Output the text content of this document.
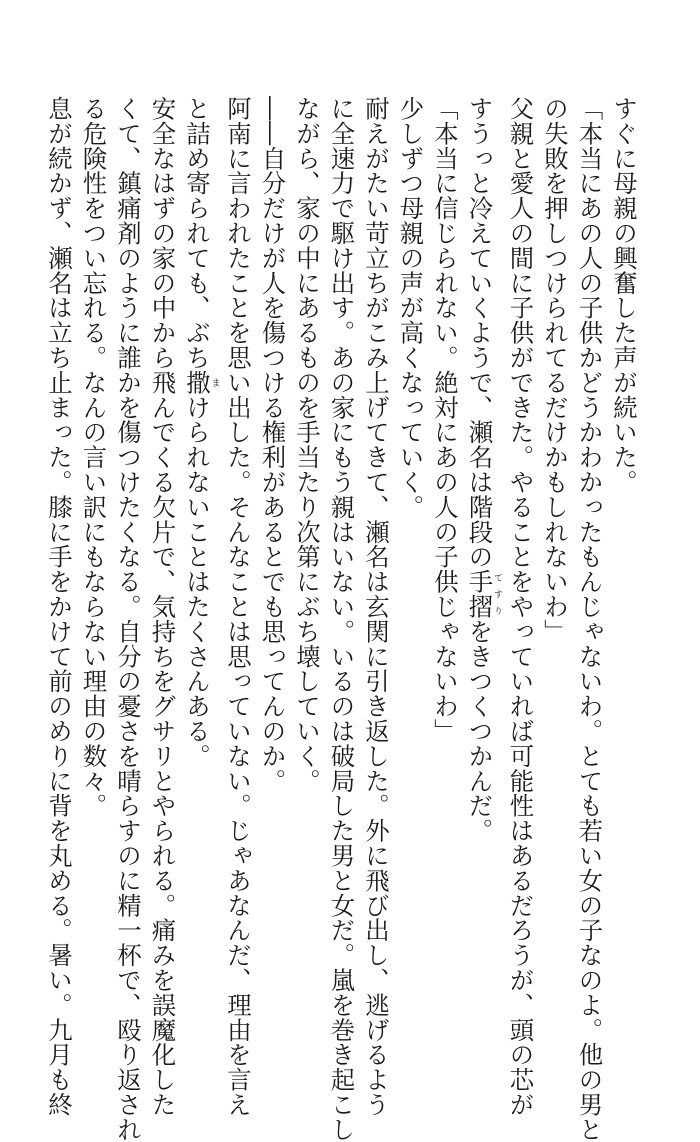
すぐに母親の興奮した声が続いた。
「本当にあの人の子供かどうかわかったもんじゃないわ。とても若い女の子なのよ。他の男と
の失敗を押しつけられてるだけかもしれないわ」
父親と愛人の間に子供ができた。やることをやっていれば可能性はあるだろうが、頭の芯が
すうっと冷えていくようで、瀬名は階段の手摺てすりをきつくつかんだ。
「本当に信じられない。絶対にあの人の子供じゃないわ」
少しずつ母親の声が高くなっていく。
耐えがたい苛立ちがこみ上げてきて、瀬名は玄関に引き返した。外に飛び出し、逃げるよう
に全速力で駆け出す。あの家にもう親はいない。いるのは破局した男と女だ。嵐を巻き起こし
ながら、家の中にあるものを手当たり次第にぶち壊していく。
――自分だけが人を傷つける権利があるとでも思ってんのか。
阿南に言われたことを思い出した。そんなことは思っていない。じゃあなんだ、理由を言え
と詰め寄られても、ぶち撒まけられないことはたくさんある。
安全なはずの家の中から飛んでくる欠片で、気持ちをグサリとやられる。痛みを誤魔化した
くて、鎮痛剤のように誰かを傷つけたくなる。自分の憂さを晴らすのに精一杯で、殴り返され
る危険性をつい忘れる。なんの言い訳にもならない理由の数々。
息が続かず、瀬名は立ち止まった。膝に手をかけて前のめりに背を丸める。暑い。九月も終
